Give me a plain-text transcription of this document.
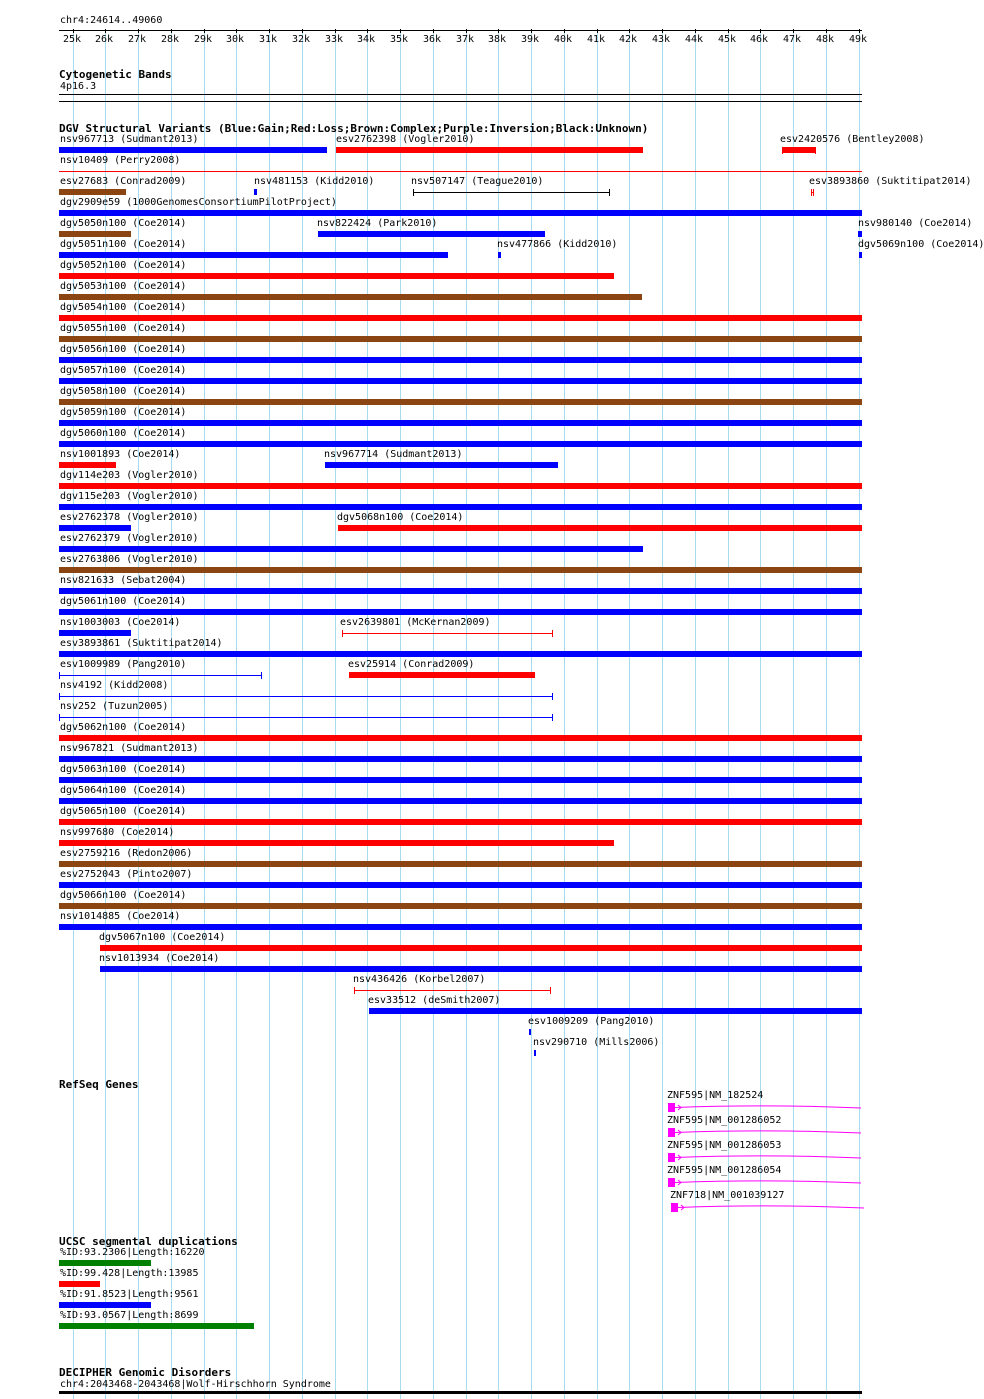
chr4:24614..49060
25k 26k 27k 28k 29k 30k 31k 32k 33k 34k 35k 36k 37k 38k 39k 40k 41k 42k 43k 44k 45k 46k 47k 48k 49k
Cytogenetic Bands
4p16.3
DGV Structural Variants (Blue:Gain;Red:Loss;Brown:Complex;Purple:Inversion;Black:Unknown)
RefSeq Genes
UCSC segmental duplications
DECIPHER Genomic Disorders
chr4:2043468-2043468|Wolf-Hirschhorn Syndrome
nsv967713 (Sudmant2013)	esv2762398 (Vogler2010)	esv2420576 (Bentley2008)
nsv10409 (Perry2008)
esv27683 (Conrad2009)	nsv481153 (Kidd2010)	nsv507147 (Teague2010)	esv3893860 (Suktitipat2014)
dgv2909e59 (1000GenomesConsortiumPilotProject)
dgv5050n100 (Coe2014)	nsv822424 (Park2010)	nsv980140 (Coe2014)
dgv5051n100 (Coe2014)	nsv477866 (Kidd2010)	dgv5069n100 (Coe2014)
dgv5052n100 (Coe2014)
dgv5053n100 (Coe2014)
dgv5054n100 (Coe2014)
dgv5055n100 (Coe2014)
dgv5056n100 (Coe2014)
dgv5057n100 (Coe2014)
dgv5058n100 (Coe2014)
dgv5059n100 (Coe2014)
dgv5060n100 (Coe2014)
nsv1001893 (Coe2014)	nsv967714 (Sudmant2013)
dgv114e203 (Vogler2010)
dgv115e203 (Vogler2010)
esv2762378 (Vogler2010)	dgv5068n100 (Coe2014)
esv2762379 (Vogler2010)
esv2763806 (Vogler2010)
nsv821633 (Sebat2004)
dgv5061n100 (Coe2014)
nsv1003003 (Coe2014)	esv2639801 (McKernan2009)
esv3893861 (Suktitipat2014)
esv1009989 (Pang2010)	esv25914 (Conrad2009)
nsv4192 (Kidd2008)
nsv252 (Tuzun2005)
dgv5062n100 (Coe2014)
nsv967821 (Sudmant2013)
dgv5063n100 (Coe2014)
dgv5064n100 (Coe2014)
dgv5065n100 (Coe2014)
nsv997680 (Coe2014)
esv2759216 (Redon2006)
esv2752043 (Pinto2007)
dgv5066n100 (Coe2014)
nsv1014885 (Coe2014)
dgv5067n100 (Coe2014)
nsv1013934 (Coe2014)
nsv436426 (Korbel2007)
esv33512 (deSmith2007)
esv1009209 (Pang2010)
nsv290710 (Mills2006)
ZNF595|NM_182524
ZNF595|NM_001286052
ZNF595|NM_001286053
ZNF595|NM_001286054
ZNF718|NM_001039127
%ID:93.2306|Length:16220
%ID:99.428|Length:13985
%ID:91.8523|Length:9561
%ID:93.0567|Length:8699
